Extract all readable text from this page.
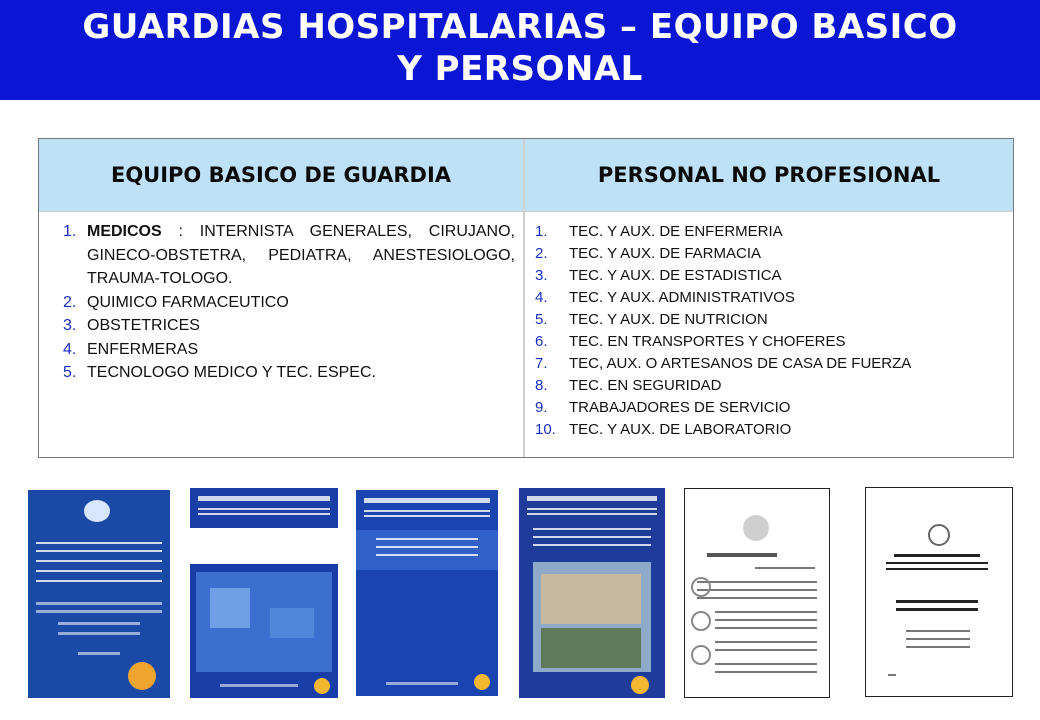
GUARDIAS HOSPITALARIAS – EQUIPO BASICO
Y PERSONAL
EQUIPO BASICO DE GUARDIA	PERSONAL NO PROFESIONAL
1. MEDICOS : INTERNISTA GENERALES, CIRUJANO, GINECO-OBSTETRA, PEDIATRA, ANESTESIOLOGO, TRAUMA-TOLOGO.
2. QUIMICO FARMACEUTICO
3. OBSTETRICES
4. ENFERMERAS
5. TECNOLOGO MEDICO Y TEC. ESPEC.
1.	TEC. Y AUX. DE ENFERMERIA
2.	TEC. Y AUX. DE FARMACIA
3.	TEC. Y AUX. DE ESTADISTICA
4.	TEC. Y AUX. ADMINISTRATIVOS
5.	TEC. Y AUX. DE NUTRICION
6.	TEC. EN TRANSPORTES Y CHOFERES
7.	TEC, AUX. O ARTESANOS DE CASA DE FUERZA
8.	TEC. EN SEGURIDAD
9.	TRABAJADORES DE SERVICIO
10. TEC. Y AUX. DE LABORATORIO
